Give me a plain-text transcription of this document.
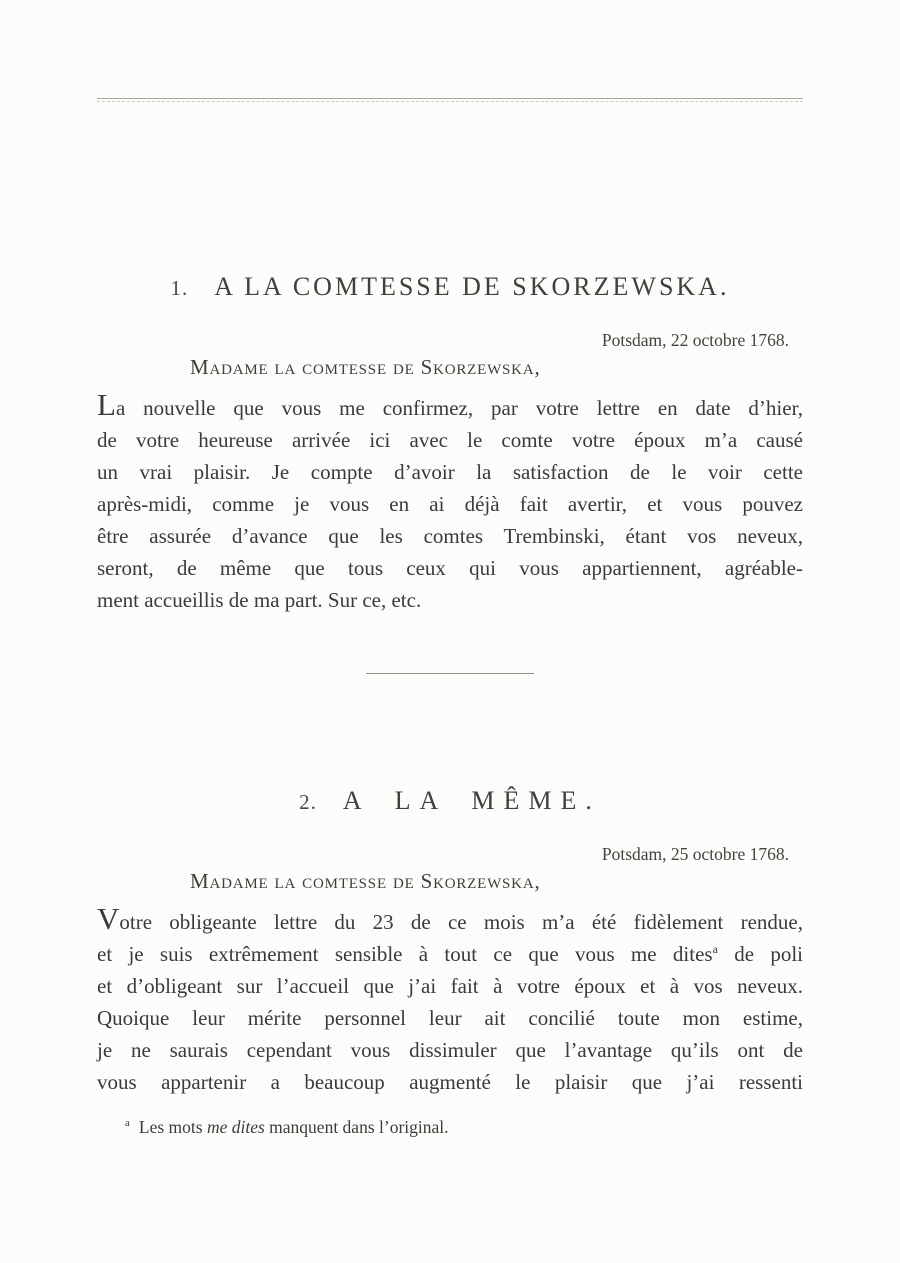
1. A LA COMTESSE DE SKORZEWSKA.
Potsdam, 22 octobre 1768.
Madame la comtesse de Skorzewska,
La nouvelle que vous me confirmez, par votre lettre en date d’hier,
de votre heureuse arrivée ici avec le comte votre époux m’a causé
un vrai plaisir. Je compte d’avoir la satisfaction de le voir cette
après-midi, comme je vous en ai déjà fait avertir, et vous pouvez
être assurée d’avance que les comtes Trembinski, étant vos neveux,
seront, de même que tous ceux qui vous appartiennent, agréable-
ment accueillis de ma part. Sur ce, etc.
2. A LA MÊME.
Potsdam, 25 octobre 1768.
Madame la comtesse de Skorzewska,
Votre obligeante lettre du 23 de ce mois m’a été fidèlement rendue,
et je suis extrêmement sensible à tout ce que vous me dites$^a$ de poli
et d’obligeant sur l’accueil que j’ai fait à votre époux et à vos neveux.
Quoique leur mérite personnel leur ait concilié toute mon estime,
je ne saurais cependant vous dissimuler que l’avantage qu’ils ont de
vous appartenir a beaucoup augmenté le plaisir que j’ai ressenti
$^a$ Les mots me dites manquent dans l’original.
